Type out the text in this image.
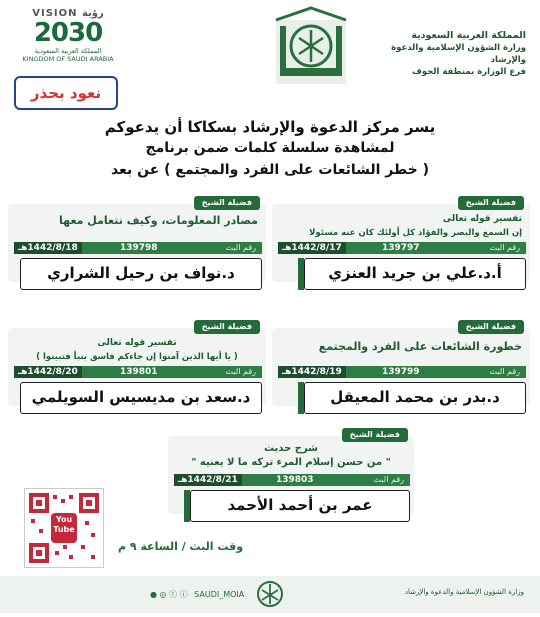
المملكة العربية السعودية
وزارة الشؤون الإسلامية والدعوة والإرشاد
فرع الوزارة بمنطقة الجوف
VISION رؤية
2030
المملكة العربية السعودية
KINGDOM OF SAUDI ARABIA
نعود بحذر
يسر مركز الدعوة والإرشاد بسكاكا أن يدعوكم
لمشاهدة سلسلة كلمات ضمن برنامج
( خطر الشائعات على الفرد والمجتمع ) عن بعد
فضيلة الشيخ
تفسير قوله تعالى
إن السمع والبصر والفؤاد كل أولئك كان عنه مسئولا
رقم البث
1442/8/17هـ	139797
أ.د.علي بن جريد العنزي
فضيلة الشيخ
مصادر المعلومات، وكيف نتعامل معها
رقم البث
1442/8/18هـ	139798
د.نواف بن رحيل الشراري
فضيلة الشيخ
خطورة الشائعات على الفرد والمجتمع
رقم البث
1442/8/19هـ	139799
د.بدر بن محمد المعيقل
فضيلة الشيخ
تفسير قوله تعالى
( يا أيها الذين آمنوا إن جاءكم فاسق بنبأ فتبينوا )
رقم البث
1442/8/20هـ	139801
د.سعد بن مديسيس السويلمي
فضيلة الشيخ
شرح حديث
" من حسن إسلام المرء تركه ما لا يعنيه "
رقم البث
1442/8/21هـ	139803
عمر بن أحمد الأحمد
You
Tube
وقت البث / الساعة ٩ م
وزارة الشؤون الإسلامية والدعوة والإرشاد
● ◎ ⓣ ⓘ SAUDI_MOIA
